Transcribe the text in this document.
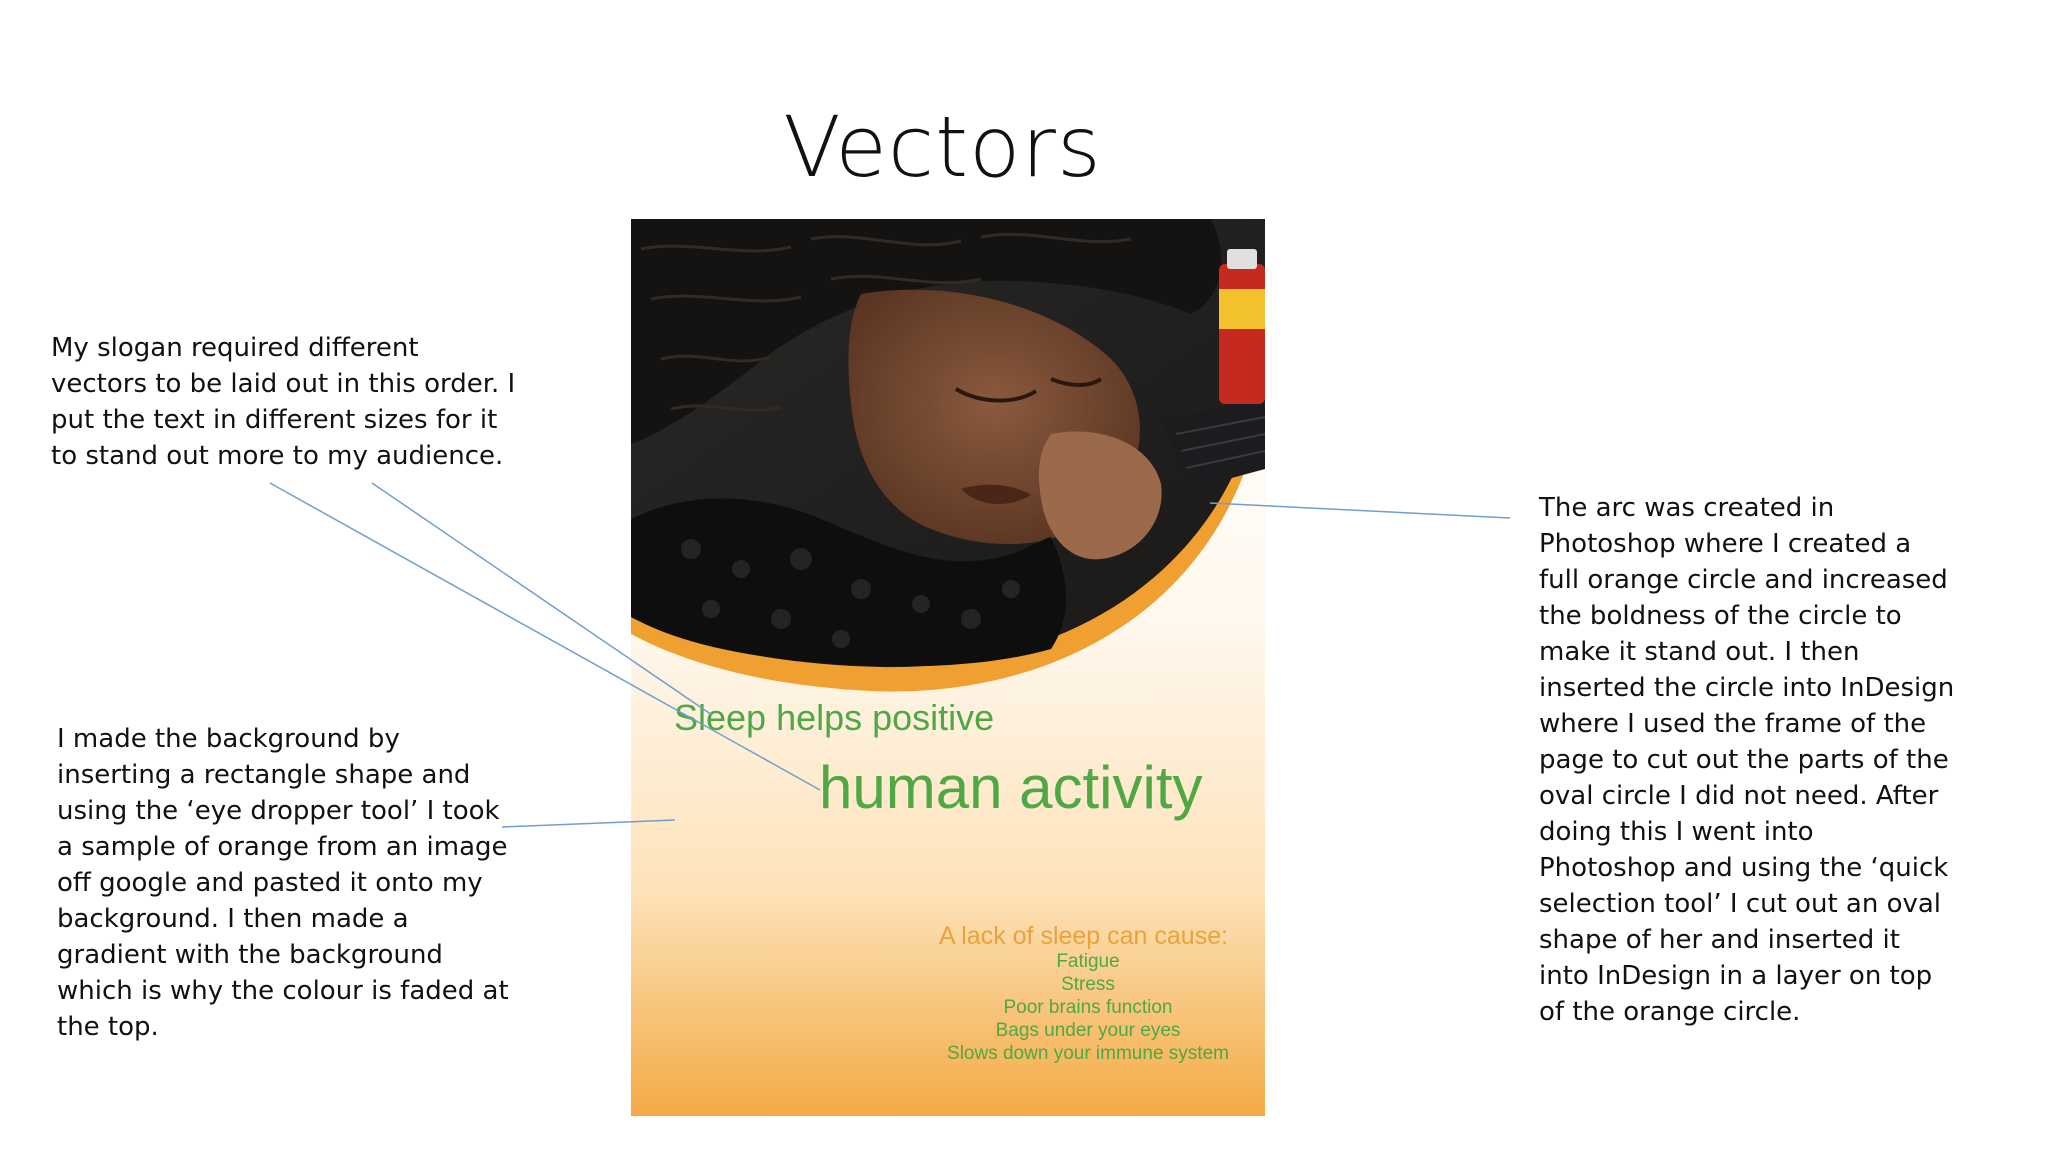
Vectors
My slogan required different
vectors to be laid out in this order. I
put the text in different sizes for it
to stand out more to my audience.
I made the background by
inserting a rectangle shape and
using the ‘eye dropper tool’ I took
a sample of orange from an image
off google and pasted it onto my
background. I then made a
gradient with the background
which is why the colour is faded at
the top.
The arc was created in
Photoshop where I created a
full orange circle and increased
the boldness of the circle to
make it stand out. I then
inserted the circle into InDesign
where I used the frame of the
page to cut out the parts of the
oval circle I did not need. After
doing this I went into
Photoshop and using the ‘quick
selection tool’ I cut out an oval
shape of her and inserted it
into InDesign in a layer on top
of the orange circle.
Sleep helps positive
human activity
A lack of sleep can cause:
Fatigue
Stress
Poor brains function
Bags under your eyes
Slows down your immune system
